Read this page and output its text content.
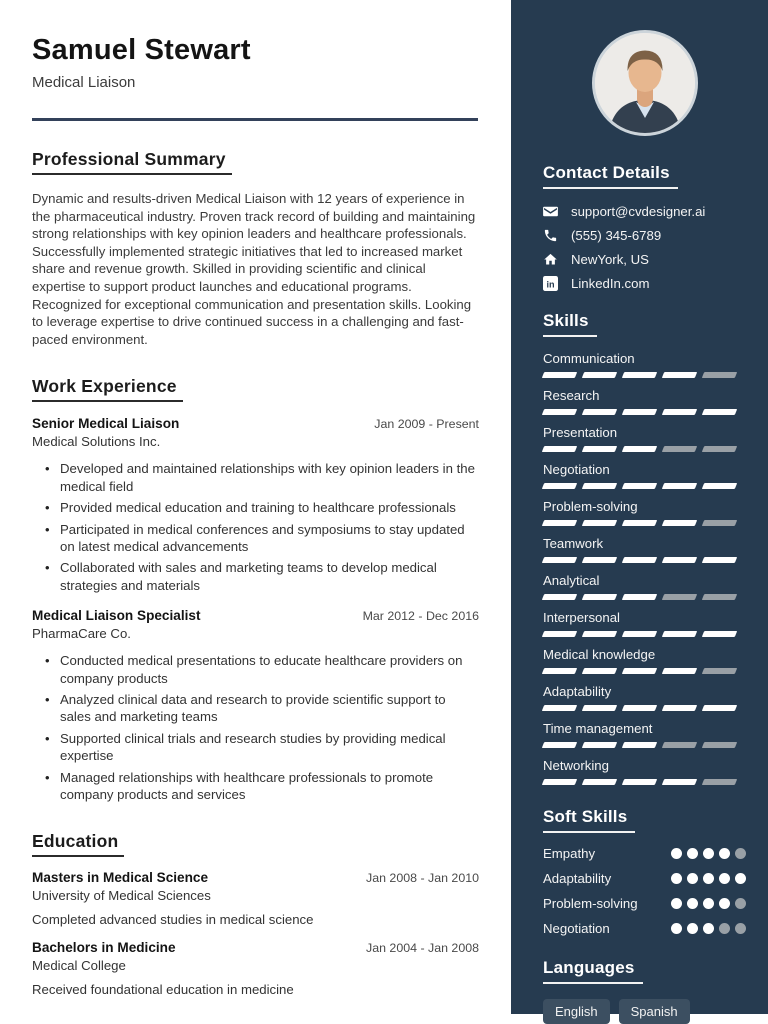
Samuel Stewart
Medical Liaison
Professional Summary

Dynamic and results-driven Medical Liaison with 12 years of experience in the pharmaceutical industry. Proven track record of building and maintaining strong relationships with key opinion leaders and healthcare professionals. Successfully implemented strategic initiatives that led to increased market share and revenue growth. Skilled in providing scientific and clinical expertise to support product launches and educational programs. Recognized for exceptional communication and presentation skills. Looking to leverage expertise to drive continued success in a challenging and fast-paced environment.

Work Experience
Senior Medical Liaison	Jan 2009 - Present
Medical Solutions Inc.
• Developed and maintained relationships with key opinion leaders in the medical field
• Provided medical education and training to healthcare professionals
• Participated in medical conferences and symposiums to stay updated on latest medical advancements
• Collaborated with sales and marketing teams to develop medical strategies and materials
Medical Liaison Specialist	Mar 2012 - Dec 2016
PharmaCare Co.
• Conducted medical presentations to educate healthcare providers on company products
• Analyzed clinical data and research to provide scientific support to sales and marketing teams
• Supported clinical trials and research studies by providing medical expertise
• Managed relationships with healthcare professionals to promote company products and services
Education
Masters in Medical Science	Jan 2008 - Jan 2010
University of Medical Sciences
Completed advanced studies in medical science
Bachelors in Medicine	Jan 2004 - Jan 2008
Medical College
Received foundational education in medicine
Contact Details
support@cvdesigner.ai
(555) 345-6789
NewYork, US
in LinkedIn.com
Skills
Communication
Research
Presentation
Negotiation
Problem-solving
Teamwork
Analytical
Interpersonal
Medical knowledge
Adaptability
Time management
Networking
Soft Skills
Empathy
Adaptability
Problem-solving
Negotiation
Languages
English	Spanish
